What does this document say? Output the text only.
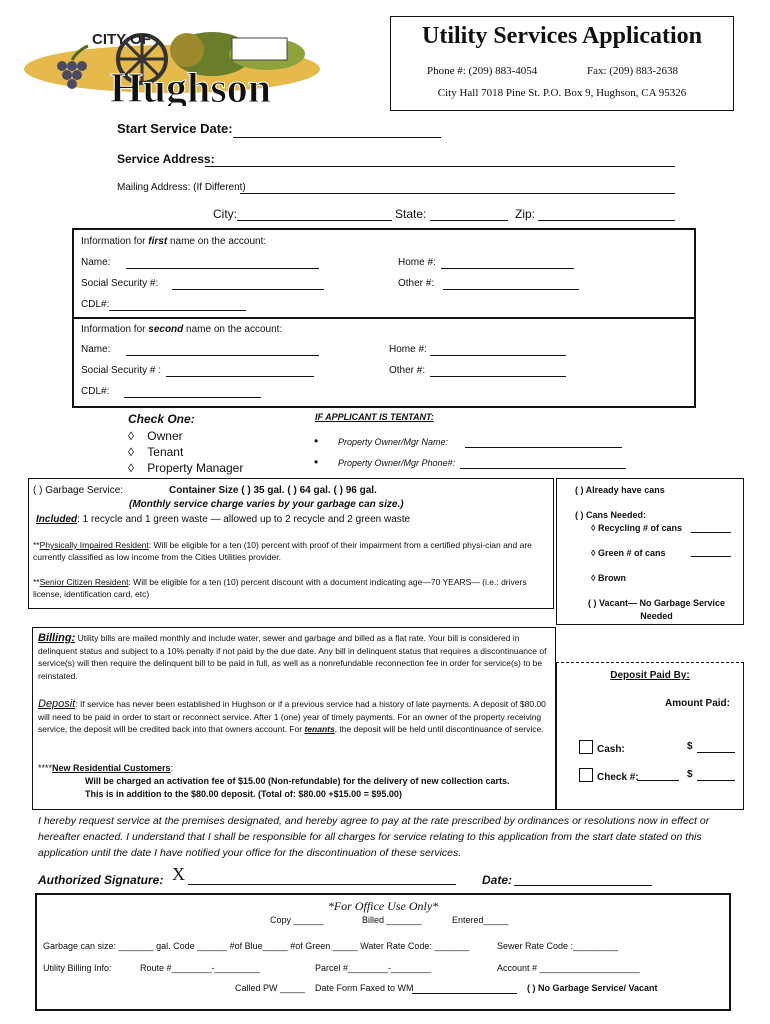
CITY OF
Hughson
Utility Services Application
Phone #: (209) 883-4054	Fax: (209) 883-2638
City Hall 7018 Pine St. P.O. Box 9, Hughson, CA 95326
Start Service Date:
Service Address:
Mailing Address: (If Different)
City:	State:	Zip:
Information for first name on the account:
Name:	Home #:
Social Security #:	Other #:
CDL#:
Information for second name on the account:
Name:	Home #:
Social Security # :	Other #:
CDL#:
Check One:
◊ Owner
◊ Tenant
◊ Property Manager
IF APPLICANT IS TENTANT:
• Property Owner/Mgr Name:
• Property Owner/Mgr Phone#:
( ) Garbage Service:	Container Size ( ) 35 gal. ( ) 64 gal. ( ) 96 gal.
(Monthly service charge varies by your garbage can size.)
Included: 1 recycle and 1 green waste — allowed up to 2 recycle and 2 green waste
**Physically Impaired Resident: Will be eligible for a ten (10) percent with proof of their impairment from a certified physi-cian and are currently classified as low income from the Cities Utilities provider.
**Senior Citizen Resident: Will be eligible for a ten (10) percent discount with a document indicating age—70 YEARS— (i.e.: drivers license, identification card, etc)
( ) Already have cans
( ) Cans Needed:
◊ Recycling # of cans
◊ Green # of cans
◊ Brown
( ) Vacant— No Garbage Service Needed
Billing: Utility bills are mailed monthly and include water, sewer and garbage and billed as a flat rate. Your bill is considered in delinquent status and subject to a 10% penalty if not paid by the due date. Any bill in delinquent status that requires a discontinuance of service(s) will then require the delinquent bill to be paid in full, as well as a nonrefundable reconnection fee in order for service(s) to be reinstated.
Deposit: If service has never been established in Hughson or if a previous service had a history of late payments. A deposit of $80.00 will need to be paid in order to start or reconnect service. After 1 (one) year of timely payments. For an owner of the property receiving service, the deposit will be credited back into that owners account. For tenants, the deposit will be held until discontinuance of service.
****New Residential Customers:
Will be charged an activation fee of $15.00 (Non-refundable) for the delivery of new collection carts.
This is in addition to the $80.00 deposit. (Total of: $80.00 +$15.00 = $95.00)
Deposit Paid By:
Amount Paid:
Cash:	$
Check #:	$
I hereby request service at the premises designated, and hereby agree to pay at the rate prescribed by ordinances or resolutions now in effect or hereafter enacted. I understand that I shall be responsible for all charges for service relating to this application from the start date stated on this application until the date I have notified your office for the discontinuation of these services.
Authorized Signature: X	Date:
*For Office Use Only*
Copy ______	Billed _______	Entered_____
Garbage can size: _______ gal. Code ______ #of Blue_____ #of Green _____ Water Rate Code: _______	Sewer Rate Code :_________
Utility Billing Info:	Route #________-_________	Parcel #________-________	Account # ____________________
Called PW _____ Date Form Faxed to WM	( ) No Garbage Service/ Vacant
